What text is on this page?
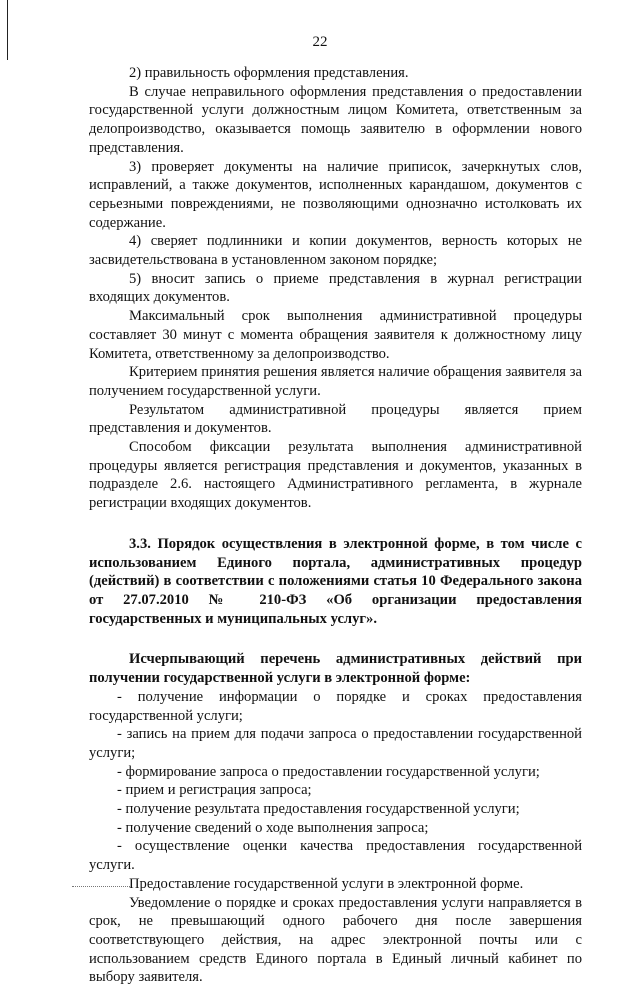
22

2) правильность оформления представления.

В случае неправильного оформления представления о предоставлении государственной услуги должностным лицом Комитета, ответственным за делопроизводство, оказывается помощь заявителю в оформлении нового представления.

3) проверяет документы на наличие приписок, зачеркнутых слов, исправлений, а также документов, исполненных карандашом, документов с серьезными повреждениями, не позволяющими однозначно истолковать их содержание.

4) сверяет подлинники и копии документов, верность которых не засвидетельствована в установленном законом порядке;

5) вносит запись о приеме представления в журнал регистрации входящих документов.

Максимальный срок выполнения административной процедуры составляет 30 минут с момента обращения заявителя к должностному лицу Комитета, ответственному за делопроизводство.

Критерием принятия решения является наличие обращения заявителя за получением государственной услуги.

Результатом административной процедуры является прием представления и документов.

Способом фиксации результата выполнения административной процедуры является регистрация представления и документов, указанных в подразделе 2.6. настоящего Административного регламента, в журнале регистрации входящих документов.

3.3. Порядок осуществления в электронной форме, в том числе с использованием Единого портала, административных процедур (действий) в соответствии с положениями статья 10 Федерального закона от 27.07.2010 № 210-ФЗ «Об организации предоставления государственных и муниципальных услуг».

Исчерпывающий перечень административных действий при получении государственной услуги в электронной форме:

- получение информации о порядке и сроках предоставления государственной услуги;

- запись на прием для подачи запроса о предоставлении государственной услуги;

- формирование запроса о предоставлении государственной услуги;

- прием и регистрация запроса;

- получение результата предоставления государственной услуги;

- получение сведений о ходе выполнения запроса;

- осуществление оценки качества предоставления государственной услуги.

Предоставление государственной услуги в электронной форме.

Уведомление о порядке и сроках предоставления услуги направляется в срок, не превышающий одного рабочего дня после завершения соответствующего действия, на адрес электронной почты или с использованием средств Единого портала в Единый личный кабинет по выбору заявителя.
